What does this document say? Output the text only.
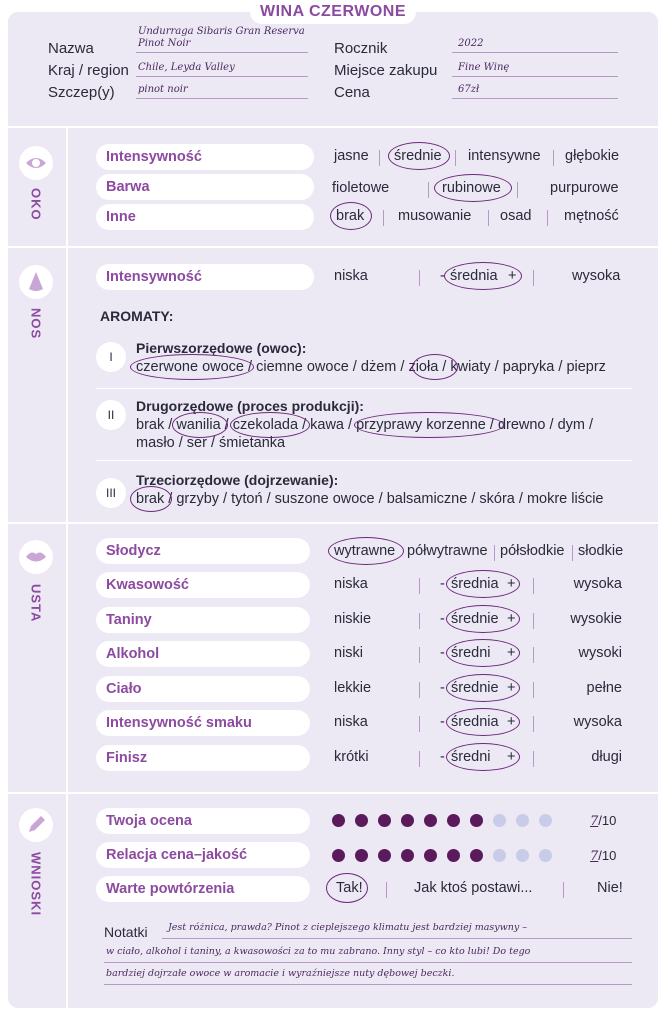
WINA CZERWONE
Nazwa
Undurraga Sibaris Gran Reserva
Pinot Noir
Kraj / region Chile, Leyda Valley
Szczep(y) pinot noir
Rocznik	2022
Miejsce zakupu Fine Winę
Cena	67zł
OKO
NOS
USTA
WNIOSKI
Intensywność	jasne średnie intensywne głębokie
Barwa	fioletowe	rubinowe	purpurowe
Inne	brak musowanie osad mętność
Intensywność	niska	- średnia +	wysoka
AROMATY:
I
Pierwszorzędowe (owoc):
czerwone owoce / ciemne owoce / dżem / zioła / kwiaty / papryka / pieprz
II
Drugorzędowe (proces produkcji):
brak / wanilia / czekolada / kawa / przyprawy korzenne / drewno / dym /
masło / ser / śmietanka
III
Trzeciorzędowe (dojrzewanie):
brak / grzyby / tytoń / suszone owoce / balsamiczne / skóra / mokre liście
Słodycz	wytrawne półwytrawne półsłodkie słodkie
Kwasowość	niska	- średnia +	wysoka
Taniny	niskie	- średnie +	wysokie
Alkohol	niski	- średni +	wysoki
Ciało	lekkie	- średnie +	pełne
Intensywność smaku	niska	- średnia +	wysoka
Finisz	krótki	- średni +	długi
Twoja ocena	7/10
Relacja cena–jakość	7/10
Warte powtórzenia	Tak!	Jak ktoś postawi...	Nie!
Notatki Jest różnica, prawda? Pinot z cieplejszego klimatu jest bardziej masywny –
w ciało, alkohol i taniny, a kwasowości za to mu zabrano. Inny styl – co kto lubi! Do tego
bardziej dojrzałe owoce w aromacie i wyraźniejsze nuty dębowej beczki.
